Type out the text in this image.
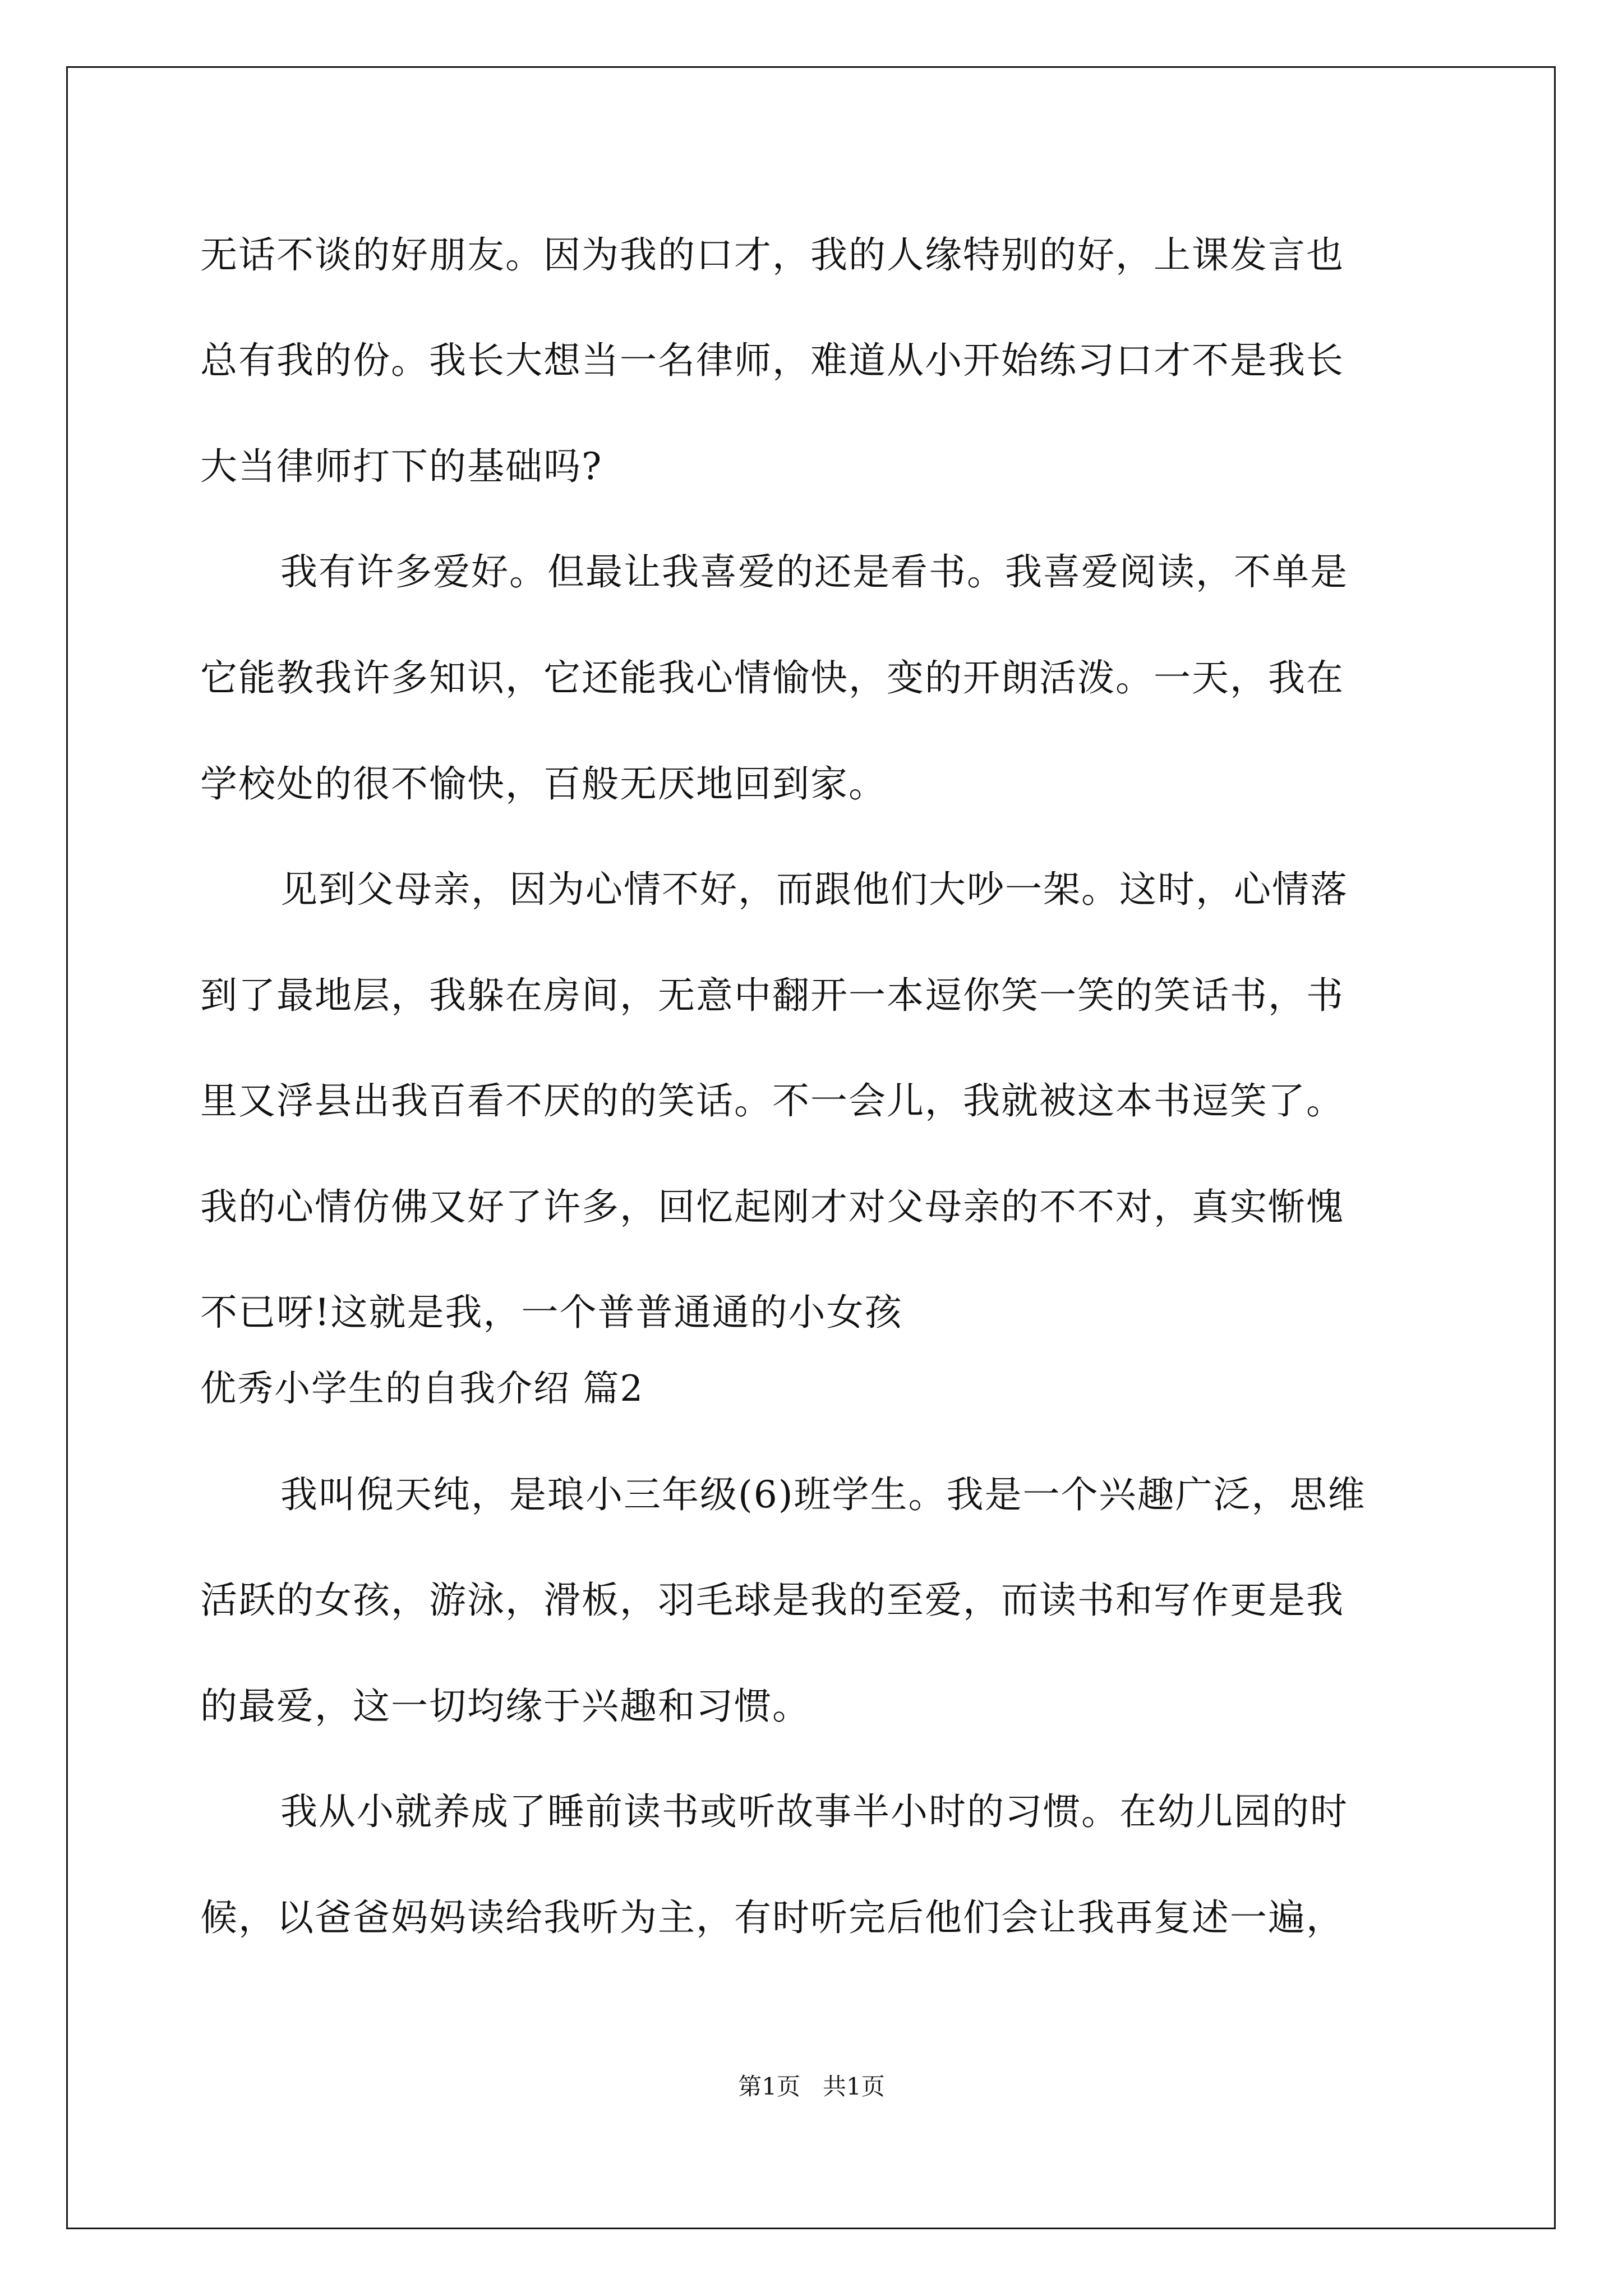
无话不谈的好朋友。因为我的口才，我的人缘特别的好，上课发言也

总有我的份。我长大想当一名律师，难道从小开始练习口才不是我长

大当律师打下的基础吗?

我有许多爱好。但最让我喜爱的还是看书。我喜爱阅读，不单是

它能教我许多知识，它还能我心情愉快，变的开朗活泼。一天，我在

学校处的很不愉快，百般无厌地回到家。

见到父母亲，因为心情不好，而跟他们大吵一架。这时，心情落

到了最地层，我躲在房间，无意中翻开一本逗你笑一笑的笑话书，书

里又浮县出我百看不厌的的笑话。不一会儿，我就被这本书逗笑了。

我的心情仿佛又好了许多，回忆起刚才对父母亲的不不对，真实惭愧

不已呀!这就是我，一个普普通通的小女孩

优秀小学生的自我介绍 篇2

我叫倪天纯，是琅小三年级(6)班学生。我是一个兴趣广泛，思维

活跃的女孩，游泳，滑板，羽毛球是我的至爱，而读书和写作更是我

的最爱，这一切均缘于兴趣和习惯。

我从小就养成了睡前读书或听故事半小时的习惯。在幼儿园的时

候，以爸爸妈妈读给我听为主，有时听完后他们会让我再复述一遍，

第1页 共1页
